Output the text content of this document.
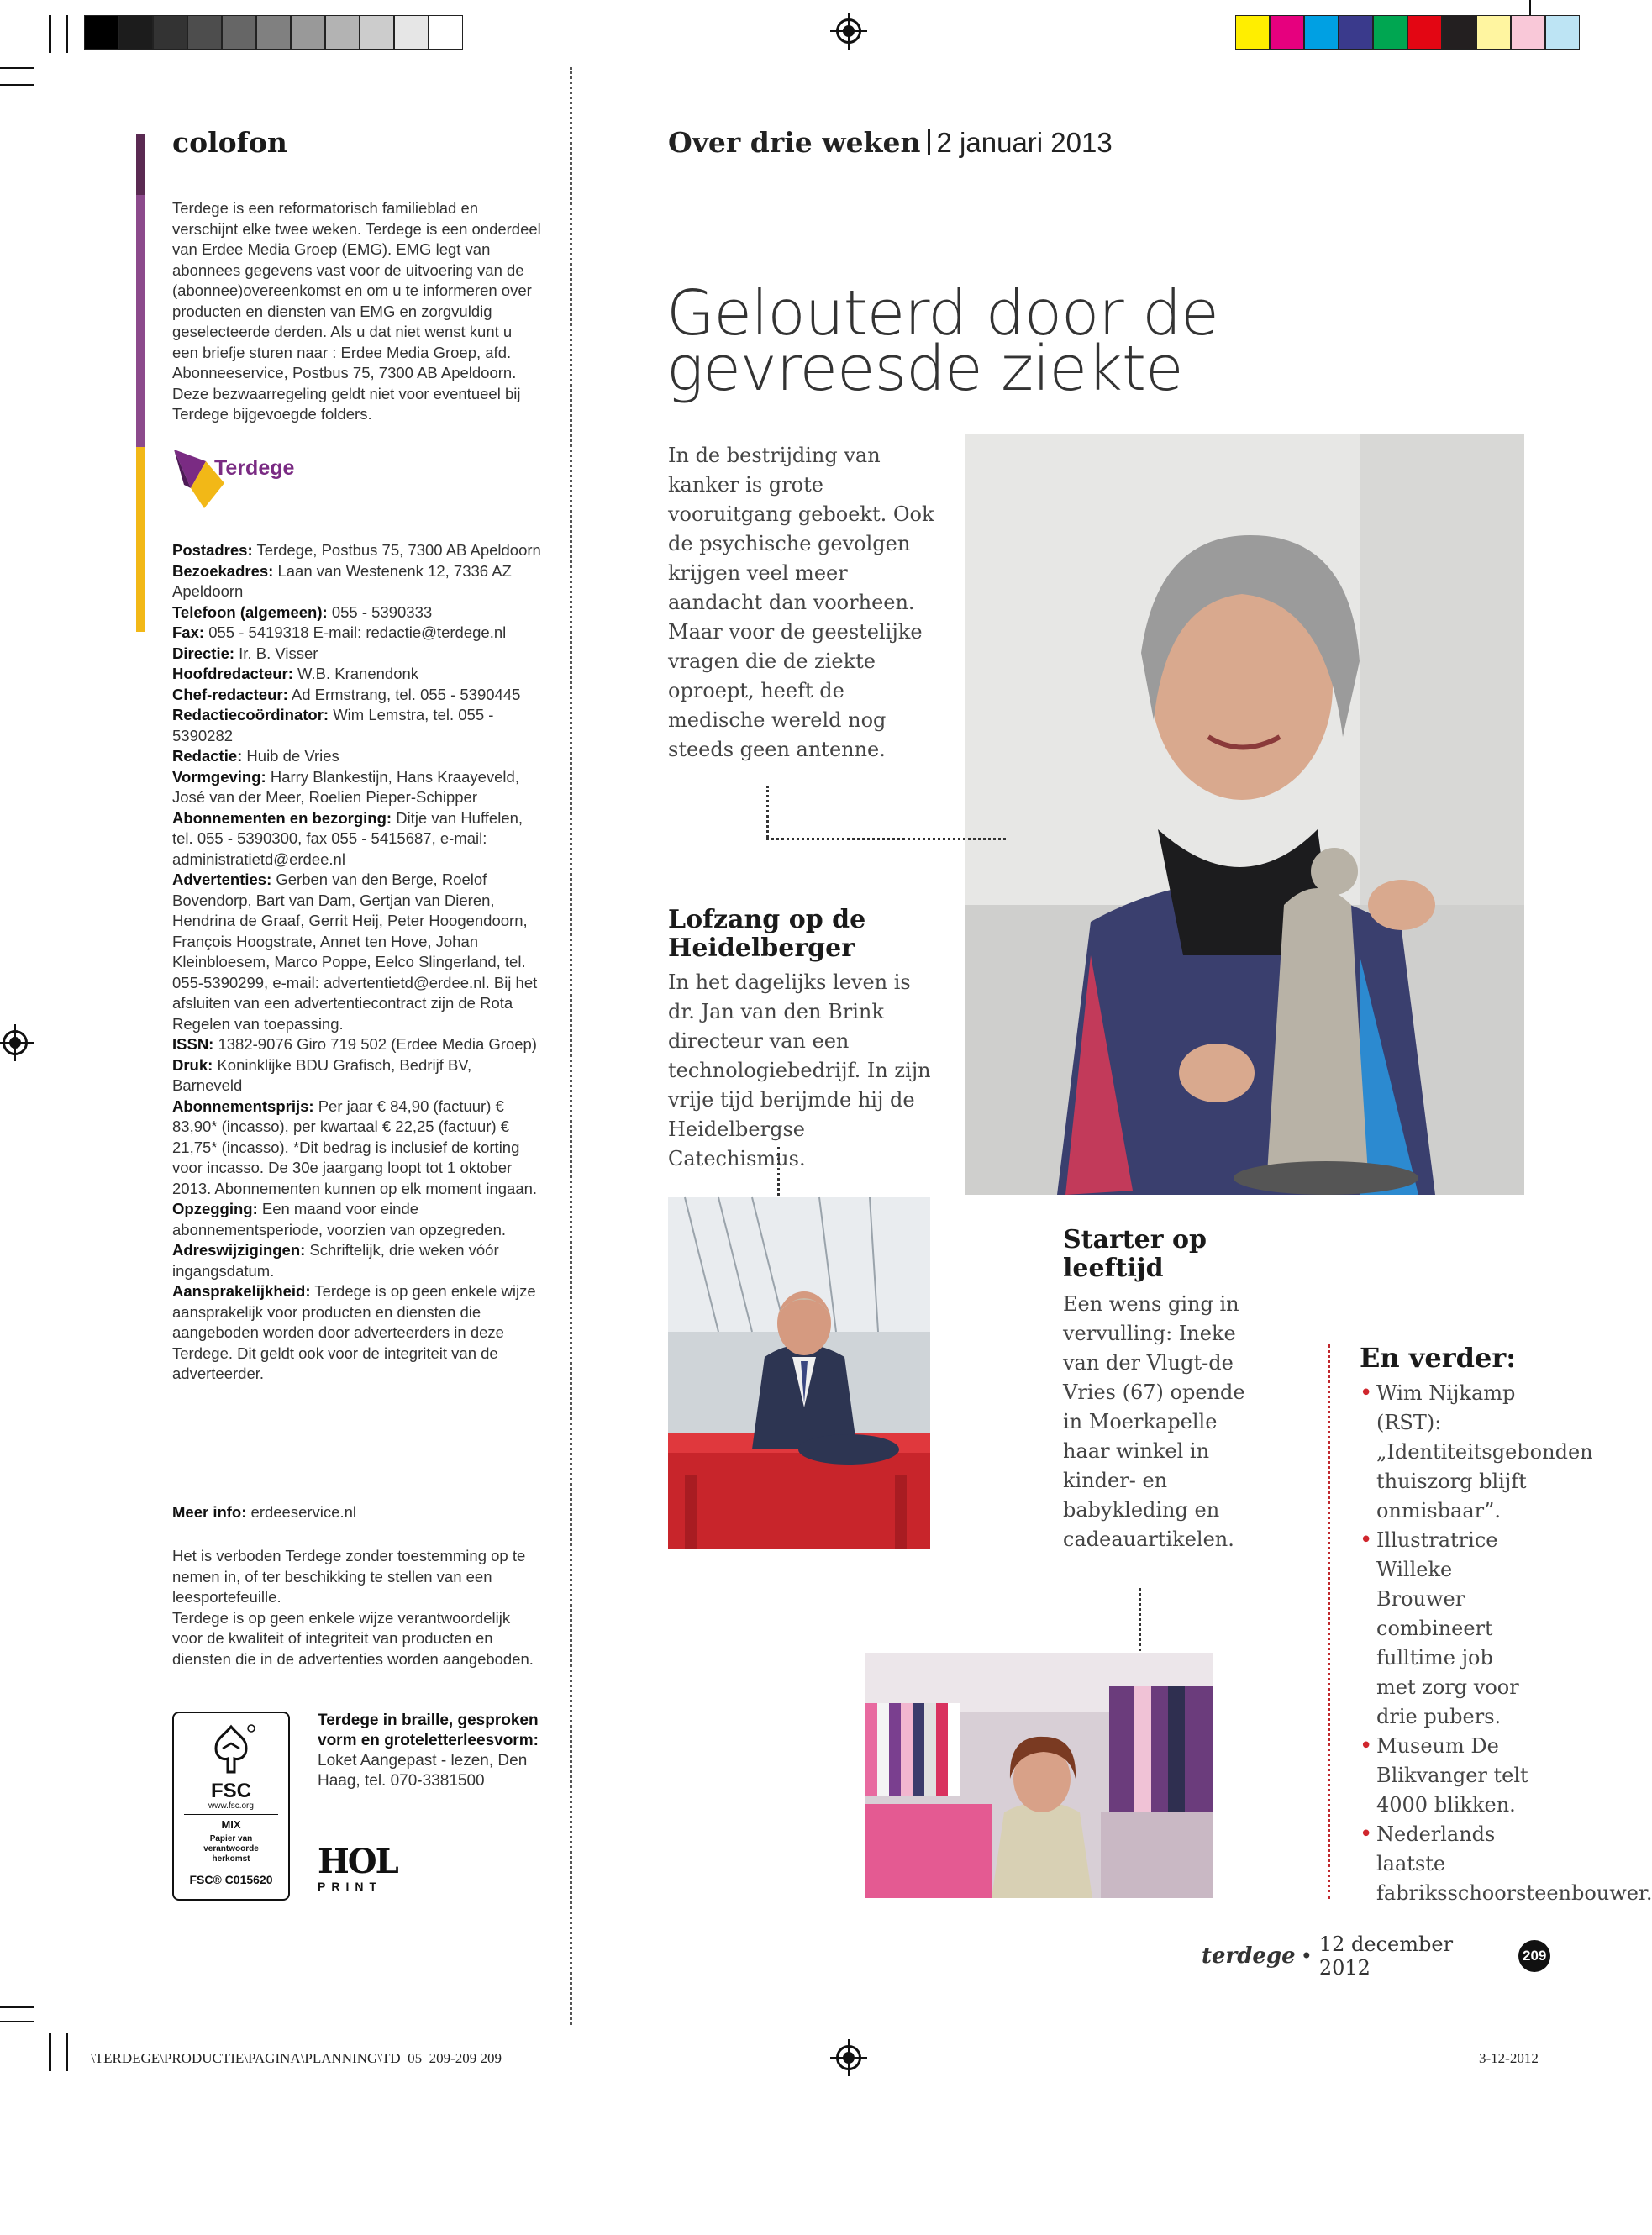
colofon
Terdege is een reformatorisch familieblad en verschijnt elke twee weken. Terdege is een onderdeel van Erdee Media Groep (EMG). EMG legt van abonnees gegevens vast voor de uitvoering van de (abonnee)overeenkomst en om u te informeren over producten en diensten van EMG en zorgvuldig geselecteerde derden. Als u dat niet wenst kunt u een briefje sturen naar : Erdee Media Groep, afd. Abonneeservice, Postbus 75, 7300 AB Apeldoorn. Deze bezwaarregeling geldt niet voor eventueel bij Terdege bijgevoegde folders.
Terdege

Postadres: Terdege, Postbus 75, 7300 AB Apeldoorn

Bezoekadres: Laan van Westenenk 12, 7336 AZ Apeldoorn

Telefoon (algemeen): 055 - 5390333

Fax: 055 - 5419318 E-mail: redactie@terdege.nl

Directie: Ir. B. Visser

Hoofdredacteur: W.B. Kranendonk

Chef-redacteur: Ad Ermstrang, tel. 055 - 5390445

Redactiecoördinator: Wim Lemstra, tel. 055 - 5390282

Redactie: Huib de Vries

Vormgeving: Harry Blankestijn, Hans Kraayeveld, José van der Meer, Roelien Pieper-Schipper

Abonnementen en bezorging: Ditje van Huffelen, tel. 055 - 5390300, fax 055 - 5415687, e-mail: administratietd@erdee.nl

Advertenties: Gerben van den Berge, Roelof Bovendorp, Bart van Dam, Gertjan van Dieren, Hendrina de Graaf, Gerrit Heij, Peter Hoogendoorn, François Hoogstrate, Annet ten Hove, Johan Kleinbloesem, Marco Poppe, Eelco Slingerland, tel. 055-5390299, e-mail: advertentietd@erdee.nl. Bij het afsluiten van een advertentiecontract zijn de Rota Regelen van toepassing.

ISSN: 1382-9076 Giro 719 502 (Erdee Media Groep)

Druk: Koninklijke BDU Grafisch, Bedrijf BV, Barneveld

Abonnementsprijs: Per jaar € 84,90 (factuur) € 83,90* (incasso), per kwartaal € 22,25 (factuur) € 21,75* (incasso). *Dit bedrag is inclusief de korting voor incasso. De 30e jaargang loopt tot 1 oktober 2013. Abonnementen kunnen op elk moment ingaan.

Opzegging: Een maand voor einde abonnementsperiode, voorzien van opzegreden.

Adreswijzigingen: Schriftelijk, drie weken vóór ingangsdatum.

Aansprakelijkheid: Terdege is op geen enkele wijze aansprakelijk voor producten en diensten die aangeboden worden door adverteerders in deze Terdege. Dit geldt ook voor de integriteit van de adverteerder.

Meer info: erdeeservice.nl

Het is verboden Terdege zonder toestemming op te nemen in, of ter beschikking te stellen van een leesportefeuille.

Terdege is op geen enkele wijze verantwoordelijk voor de kwaliteit of integriteit van producten en diensten die in de advertenties worden aangeboden.

FSC
www.fsc.org
MIX
Papier van
verantwoorde
herkomst
FSC® C015620
Terdege in braille, gesproken vorm en groteletterleesvorm:
Loket Aangepast - lezen, Den Haag, tel. 070-3381500
HOL
PRINT
Over drie weken 2 januari 2013
Gelouterd door de gevreesde ziekte
In de bestrijding van kanker is grote vooruitgang geboekt. Ook de psychische gevolgen krijgen veel meer aandacht dan voorheen. Maar voor de geestelijke vragen die de ziekte oproept, heeft de medische wereld nog steeds geen antenne.
Lofzang op de Heidelberger
In het dagelijks leven is dr. Jan van den Brink directeur van een technologiebedrijf. In zijn vrije tijd berijmde hij de Heidelbergse Catechismus.
Starter op leeftijd
Een wens ging in vervulling: Ineke van der Vlugt-de Vries (67) opende in Moerkapelle haar winkel in kinder- en babykleding en cadeauartikelen.
En verder:
• Wim Nijkamp (RST): „Identiteitsgebonden thuiszorg blijft onmisbaar”.
• Illustratrice Willeke Brouwer combineert fulltime job met zorg voor drie pubers.
• Museum De Blikvanger telt 4000 blikken.
• Nederlands laatste fabriksschoorsteenbouwer.
terdege • 12 december 2012
209
\TERDEGE\PRODUCTIE\PAGINA\PLANNING\TD_05_209-209 209	3-12-2012
